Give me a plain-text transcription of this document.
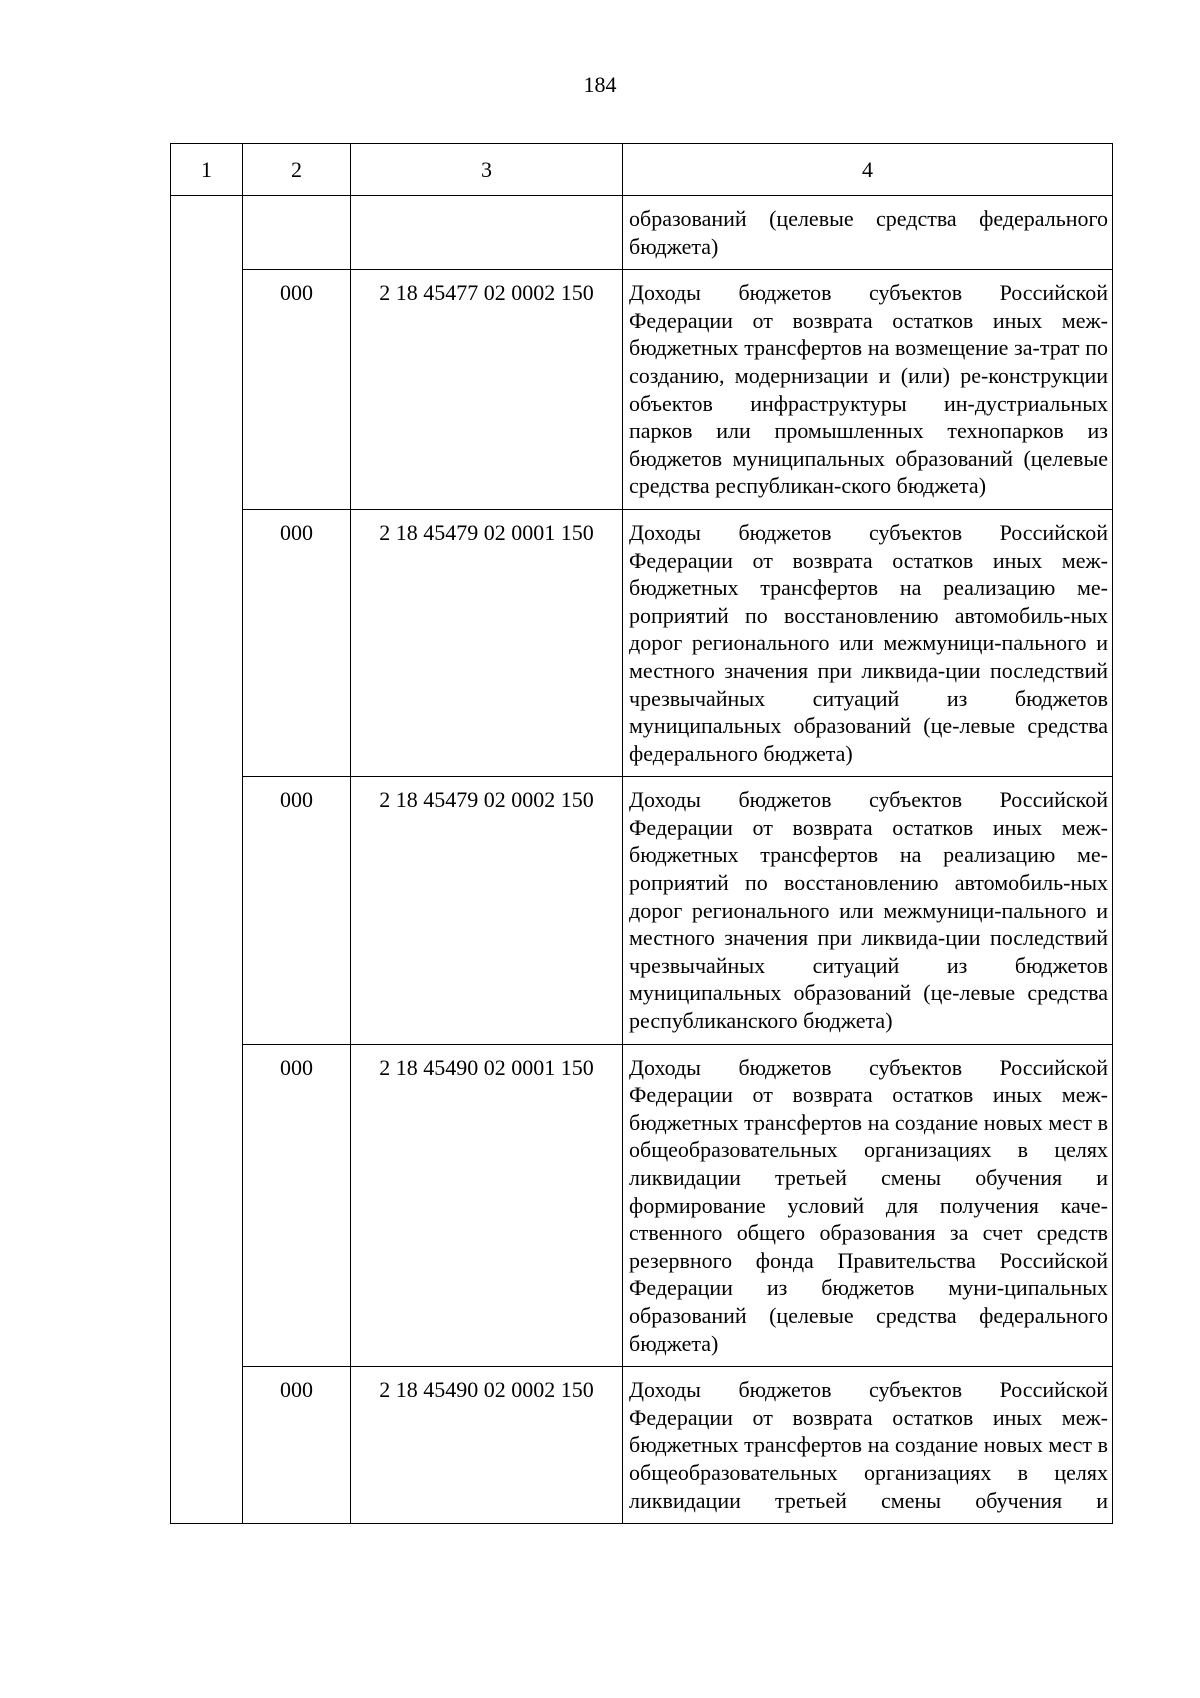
184
1	2	3	4
			образований (целевые средства федерального бюджета)
	000	2 18 45477 02 0002 150	Доходы бюджетов субъектов Российской Федерации от возврата остатков иных меж-бюджетных трансфертов на возмещение за-трат по созданию, модернизации и (или) ре-конструкции объектов инфраструктуры ин-дустриальных парков или промышленных технопарков из бюджетов муниципальных образований (целевые средства республикан-ского бюджета)
	000	2 18 45479 02 0001 150	Доходы бюджетов субъектов Российской Федерации от возврата остатков иных меж-бюджетных трансфертов на реализацию ме-роприятий по восстановлению автомобиль-ных дорог регионального или межмуници-пального и местного значения при ликвида-ции последствий чрезвычайных ситуаций из бюджетов муниципальных образований (це-левые средства федерального бюджета)
	000	2 18 45479 02 0002 150	Доходы бюджетов субъектов Российской Федерации от возврата остатков иных меж-бюджетных трансфертов на реализацию ме-роприятий по восстановлению автомобиль-ных дорог регионального или межмуници-пального и местного значения при ликвида-ции последствий чрезвычайных ситуаций из бюджетов муниципальных образований (це-левые средства республиканского бюджета)
	000	2 18 45490 02 0001 150	Доходы бюджетов субъектов Российской Федерации от возврата остатков иных меж-бюджетных трансфертов на создание новых мест в общеобразовательных организациях в целях ликвидации третьей смены обучения и формирование условий для получения каче-ственного общего образования за счет средств резервного фонда Правительства Российской Федерации из бюджетов муни-ципальных образований (целевые средства федерального бюджета)
	000	2 18 45490 02 0002 150	Доходы бюджетов субъектов Российской Федерации от возврата остатков иных меж-бюджетных трансфертов на создание новых мест в общеобразовательных организациях в целях ликвидации третьей смены обучения и
